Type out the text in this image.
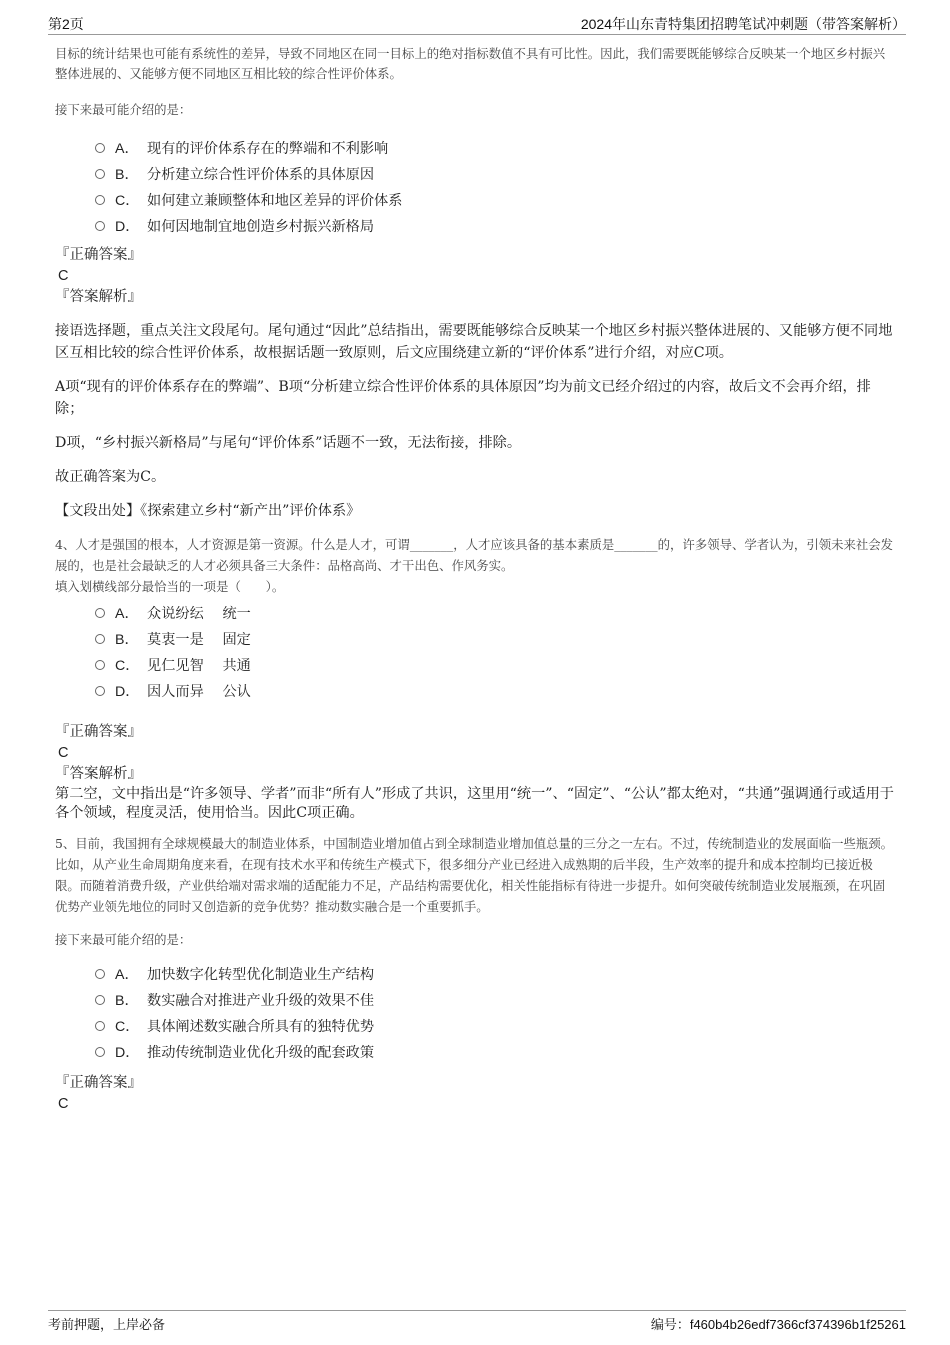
第2页	2024年山东青特集团招聘笔试冲刺题（带答案解析）

目标的统计结果也可能有系统性的差异，导致不同地区在同一目标上的绝对指标数值不具有可比性。因此，我们需要既能够综合反映某一个地区乡村振兴整体进展的、又能够方便不同地区互相比较的综合性评价体系。

接下来最可能介绍的是：

A． 现有的评价体系存在的弊端和不利影响
B． 分析建立综合性评价体系的具体原因
C． 如何建立兼顾整体和地区差异的评价体系
D． 如何因地制宜地创造乡村振兴新格局

『正确答案』

C

『答案解析』

接语选择题，重点关注文段尾句。尾句通过“因此”总结指出，需要既能够综合反映某一个地区乡村振兴整体进展的、又能够方便不同地区互相比较的综合性评价体系，故根据话题一致原则，后文应围绕建立新的“评价体系”进行介绍，对应C项。

A项“现有的评价体系存在的弊端”、B项“分析建立综合性评价体系的具体原因”均为前文已经介绍过的内容，故后文不会再介绍，排除；

D项，“乡村振兴新格局”与尾句“评价体系”话题不一致，无法衔接，排除。

故正确答案为C。

【文段出处】《探索建立乡村“新产出”评价体系》

4、人才是强国的根本，人才资源是第一资源。什么是人才，可谓_______，人才应该具备的基本素质是_______的，许多领导、学者认为，引领未来社会发展的，也是社会最缺乏的人才必须具备三大条件：品格高尚、才干出色、作风务实。

填入划横线部分最恰当的一项是（　　）。

A． 众说纷纭　 统一
B． 莫衷一是　 固定
C． 见仁见智　 共通
D． 因人而异　 公认

『正确答案』

C

『答案解析』

第二空，文中指出是“许多领导、学者”而非“所有人”形成了共识，这里用“统一”、“固定”、“公认”都太绝对，“共通”强调通行或适用于各个领域，程度灵活，使用恰当。因此C项正确。

5、目前，我国拥有全球规模最大的制造业体系，中国制造业增加值占到全球制造业增加值总量的三分之一左右。不过，传统制造业的发展面临一些瓶颈。比如，从产业生命周期角度来看，在现有技术水平和传统生产模式下，很多细分产业已经进入成熟期的后半段，生产效率的提升和成本控制均已接近极限。而随着消费升级，产业供给端对需求端的适配能力不足，产品结构需要优化，相关性能指标有待进一步提升。如何突破传统制造业发展瓶颈，在巩固优势产业领先地位的同时又创造新的竞争优势？推动数实融合是一个重要抓手。

接下来最可能介绍的是：

A． 加快数字化转型优化制造业生产结构
B． 数实融合对推进产业升级的效果不佳
C． 具体阐述数实融合所具有的独特优势
D． 推动传统制造业优化升级的配套政策

『正确答案』

C

考前押题，上岸必备	编号：f460b4b26edf7366cf374396b1f25261
